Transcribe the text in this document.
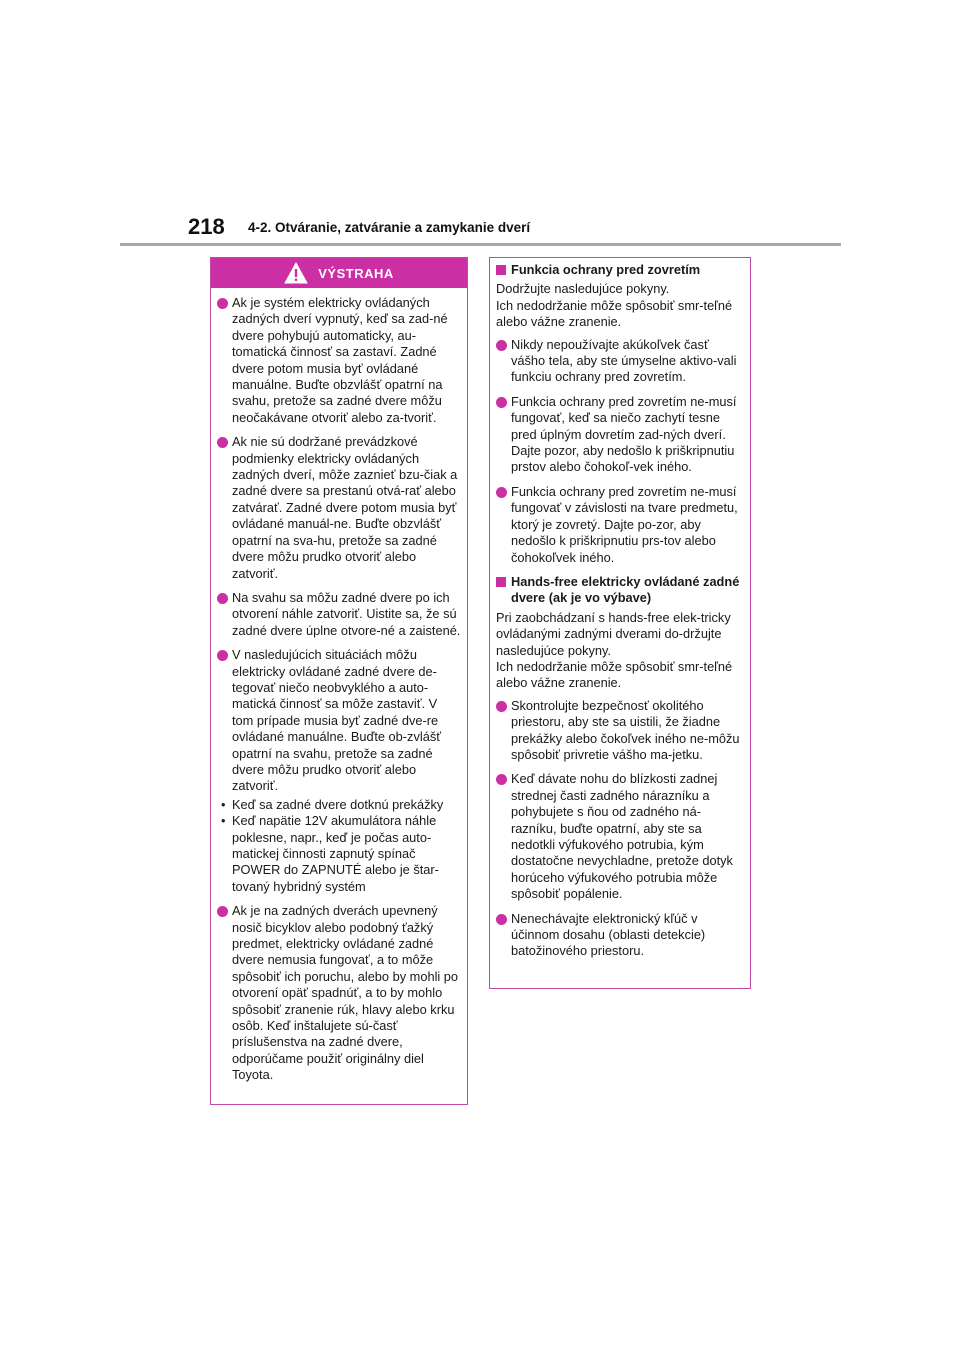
218 4-2. Otváranie, zatváranie a zamykanie dverí
VÝSTRAHA
Ak je systém elektricky ovládaných zadných dverí vypnutý, keď sa zad-né dvere pohybujú automaticky, au-tomatická činnosť sa zastaví. Zadné dvere potom musia byť ovládané manuálne. Buďte obzvlášť opatrní na svahu, pretože sa zadné dvere môžu neočakávane otvoriť alebo za-tvoriť.
Ak nie sú dodržané prevádzkové podmienky elektricky ovládaných zadných dverí, môže zaznieť bzu-čiak a zadné dvere sa prestanú otvá-rať alebo zatvárať. Zadné dvere potom musia byť ovládané manuál-ne. Buďte obzvlášť opatrní na sva-hu, pretože sa zadné dvere môžu prudko otvoriť alebo zatvoriť.
Na svahu sa môžu zadné dvere po ich otvorení náhle zatvoriť. Uistite sa, že sú zadné dvere úplne otvore-né a zaistené.
V nasledujúcich situáciách môžu elektricky ovládané zadné dvere de-tegovať niečo neobvyklého a auto-matická činnosť sa môže zastaviť. V tom prípade musia byť zadné dve-re ovládané manuálne. Buďte ob-zvlášť opatrní na svahu, pretože sa zadné dvere môžu prudko otvoriť alebo zatvoriť.
• Keď sa zadné dvere dotknú prekážky
• Keď napätie 12V akumulátora náhle poklesne, napr., keď je počas auto-matickej činnosti zapnutý spínač POWER do ZAPNUTÉ alebo je štar-tovaný hybridný systém
Ak je na zadných dverách upevnený nosič bicyklov alebo podobný ťažký predmet, elektricky ovládané zadné dvere nemusia fungovať, a to môže spôsobiť ich poruchu, alebo by mohli po otvorení opäť spadnúť, a to by mohlo spôsobiť zranenie rúk, hlavy alebo krku osôb. Keď inštalujete sú-časť príslušenstva na zadné dvere, odporúčame použiť originálny diel Toyota.
Funkcia ochrany pred zovretím

Dodržujte nasledujúce pokyny.
Ich nedodržanie môže spôsobiť smr-teľné alebo vážne zranenie.

Nikdy nepoužívajte akúkoľvek časť vášho tela, aby ste úmyselne aktivo-vali funkciu ochrany pred zovretím.
Funkcia ochrany pred zovretím ne-musí fungovať, keď sa niečo zachytí tesne pred úplným dovretím zad-ných dverí. Dajte pozor, aby nedošlo k priškripnutiu prstov alebo čohokoľ-vek iného.
Funkcia ochrany pred zovretím ne-musí fungovať v závislosti na tvare predmetu, ktorý je zovretý. Dajte po-zor, aby nedošlo k priškripnutiu prs-tov alebo čohokoľvek iného.
Hands-free elektricky ovládané zadné dvere (ak je vo výbave)

Pri zaobchádzaní s hands-free elek-tricky ovládanými zadnými dverami do-držujte nasledujúce pokyny.
Ich nedodržanie môže spôsobiť smr-teľné alebo vážne zranenie.

Skontrolujte bezpečnosť okolitého priestoru, aby ste sa uistili, že žiadne prekážky alebo čokoľvek iného ne-môžu spôsobiť privretie vášho ma-jetku.
Keď dávate nohu do blízkosti zadnej strednej časti zadného nárazníku a pohybujete s ňou od zadného ná-razníku, buďte opatrní, aby ste sa nedotkli výfukového potrubia, kým dostatočne nevychladne, pretože dotyk horúceho výfukového potrubia môže spôsobiť popálenie.
Nenechávajte elektronický kľúč v účinnom dosahu (oblasti detekcie) batožinového priestoru.
